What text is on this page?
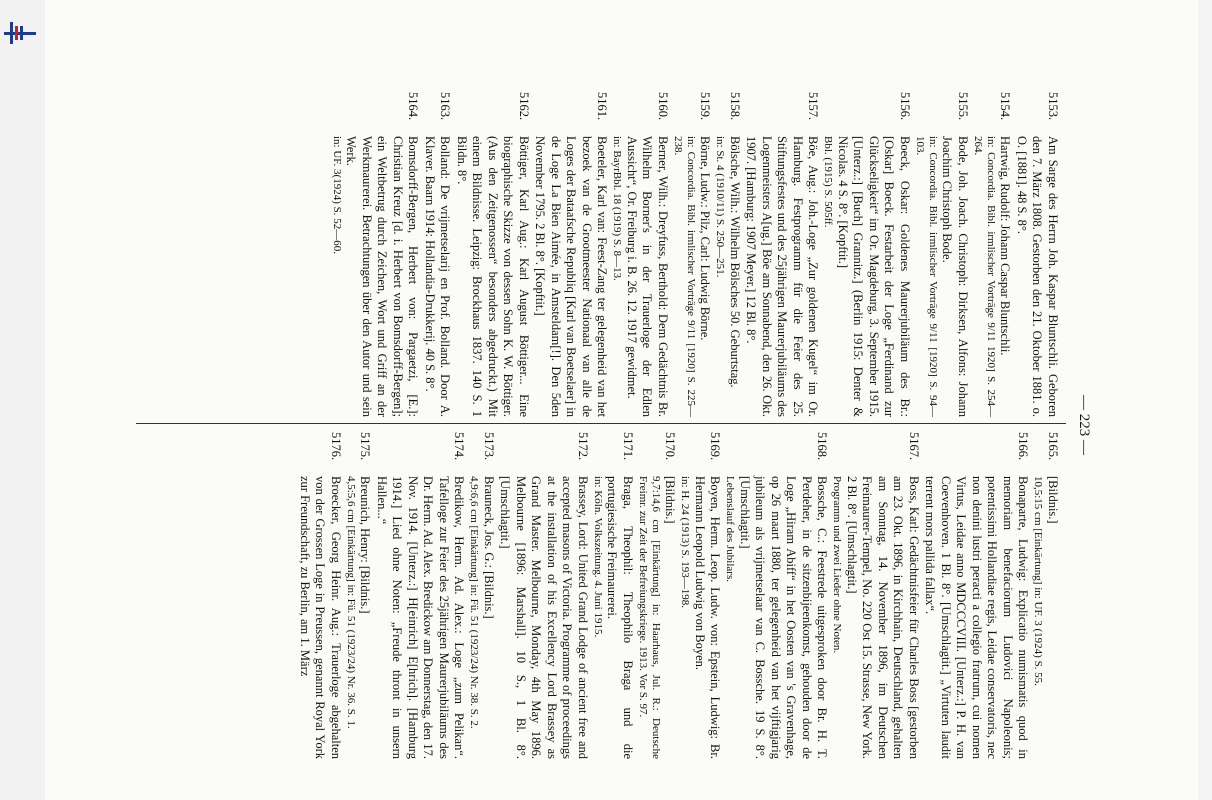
— 223 —
5153.
Am Sarge des Herrn Joh. Kaspar Bluntschli. Geboren den 7. März 1808. Gestorben den 21. Oktober 1881. o. O. [1881]. 48 S. 8°.
5154.
Hartwig, Rudolf: Johann Caspar Bluntschli.
in: Concordia. Bibl. irmlischer Vorträge 9/11 1920] S. 254—264.
5155.
Bode, Joh. Joach. Christoph: Dirksen, Alfons: Johann Joachim Christoph Bode.
in: Concordia. Bibl. irmlischer Vorträge 9/11 [1920] S. 94—103.
5156.
Boeck, Oskar: Goldenes Maurerjubiläum des Br.: [Oskar] Boeck. Festarbeit der Loge „Ferdinand zur Glückseligkeit“ im Or. Magdeburg, 3. September 1915. [Unterz.:] [Buch] Grannitz.] (Berlin 1915: Denter & Nicolas. 4 S. 8°. [Kopftit.]
Bbl. (1915) S. 505ff.
5157.
Böe, Aug.: Joh.-Loge „Zur goldenen Kugel“ im Or. Hamburg. Festprogramm für die Feier des 25. Stiftungsfestes und des 25jährigen Maurerjubiläums des Logenmeisters A[ug.] Böe am Sonnabend, den 26. Okt. 1907. [Hamburg: 1907 Meyer.] 12 Bl. 8°.
5158.
Bölsche, Wilh.: Wilhelm Bölsches 50. Geburtstag.
in: St. 4 (1910/11) S. 250—251.
5159.
Börne, Ludw.: Pilz, Carl: Ludwig Börne.
in: Concordia. Bibl. irmlischer Vorträge 9/11 [1920] S. 225—238.
5160.
Berner, Wilh.: Dreyfuss, Berthold: Dem Gedächtnis Br. Wilhelm Borner's in der Trauerloge der Edlen Aussicht“, Or. Freiburg i. B. 26. 12. 1917 gewidmet.
in: BayrBbl. 18 (1919) S. 8—13.
5161.
Boeteler, Karl van: Feest-Zang ter gelegenheid van het bezoek van de Grootmeester Nationaal van alle de Loges der Bataafsche Republiq [Karl van Boetselaer] in de Loge La Bien Aimée, in Amsteldam[!]. Den 5den November 1795. 2 Bl. 8°. [Kopftit.]
5162.
Böttiger, Karl Aug.: Karl August Böttiger... Eine biographische Skizze von dessen Sohn K. W. Böttiger. (Aus den Zeitgenossen“ besonders abgedruckt.) Mit einem Bildnisse. Leipzig: Brockhaus 1837. 140 S. 1 Bildn. 8°.
5163.
Bolland: De vrijmetselarij en Prof. Bolland. Door A. Klaver. Baarn 1914: Hollandia-Drukkerij. 40 S. 8°.
5164.
Bomsdorff-Bergen, Herbert von: Pargaetzi, [E.]: Christian Kreuz [d. i. Herbert von Bomsdorff-Bergen]; ein Weltbetrug durch Zeichen, Wort und Griff an der Werkmaurerei. Betrachtungen über den Autor und sein Werk.
in: UF. 3(1924) S. 52—60.
5165.
[Bildnis.]
10,5:15 cm [Einkärtung] in: UF. 3 (1924) S. 55.
5166.
Bonaparte, Ludwig: Explicatio numismatis quod in memoriam benefaciorum Ludovici Napoleonis; potentissimi Hollandiae regis, Leidae conservatoris, nec non denini lustri peracti a collegio fratrum, cui nomen Virtus, Leidae anno MDCCCVIII. [Unterz.:] P. H. van Coevenhoven. 1 Bl. 8°. [Umschlagtit.] „Virtuten laudit terrent mors pallida fallax“.
5167.
Boss, Karl: Gedächtnisfeier für Charles Boss [gestorben am 23. Okt. 1896, in Kirchhain, Deutschland, gehalten am Sonntag, 14. November 1896, im Deutschen Freimaurer-Tempel, No. 220 Ost 15. Strasse, New York. 2 Bl. 8°. [Umschlagtit.]
Programm und zwei Lieder ohne Noten.
5168.
Bossche, C.: Feestrede uitgesproken door Br. H. T. Perdeher, in de sitzenbijeenkomst, gehouden door de Loge „Hiram Abiff“ in het Oosten van 's Gravenhage, op 26 maart 1880, ter gelegenheid van het vijftigjarig jubileum als vrijmetselaar van C. Bossche. 19 S. 8°. [Umschlagtit.]
Lebenslauf des Jubilars.
5169.
Boyen, Herm. Leop. Ludw. von: Epstein, Ludwig: Br. Hermann Leopold Ludwig von Boyen.
in: H. 24 (1913) S. 193—198.
5170.
[Bildnis.]
9,7:14,6 cm [Einkärtung] in: Haarhaus, Jul. R.: Deutsche Freimr. zur Zeit der Befreiungskriege. 1913. Vor S. 97.
5171.
Braga, Theophil: Theophilo Braga und die portugiesische Freimaurerei.
in: Köln. Volkszeitung. 4. Juni 1915.
5172.
Brassey, Lord: United Grand Lodge of ancient free and accepted masons of Victoria. Programme of proceedings at the installation of his Excellency Lord Brassey as Grand Master. Melbourne, Monday, 4th May 1896. Melbourne [1896: Marshall]. 10 S., 1 Bl. 8°. [Umschlagtit.]
5173.
Brauneck, Jos. G.: [Bildnis.]
4,9:6,6 cm [Einkärtung] in: Fü. 51 (1923/24) Nr. 38. S. 2.
5174.
Bredikow, Herm. Ad. Alex.: Loge „zum Pelikan“. Tafelloge zur Feier des 25jährigen Maurerjubiläums des Dr. Herm. Ad. Alex. Bredickow am Donnerstag, den 17. Nov. 1914. [Unterz.:] H[einrich] E[hrich]. [Hamburg 1914.] Lied ohne Noten: „Freude thront in unsern Hallen...“
5175.
Breunich, Henry: [Bildnis.]
4,5:5,6 cm [Einkärtung] in: Fü. 51 (1923/24) Nr. 36. S. 1.
5176.
Broecker, Georg Heinr. Aug.: Trauerloge abgehalten von der Grossen Loge in Preussen, genannt Royal York zur Freundschaft, zu Berlin, am 1. März
